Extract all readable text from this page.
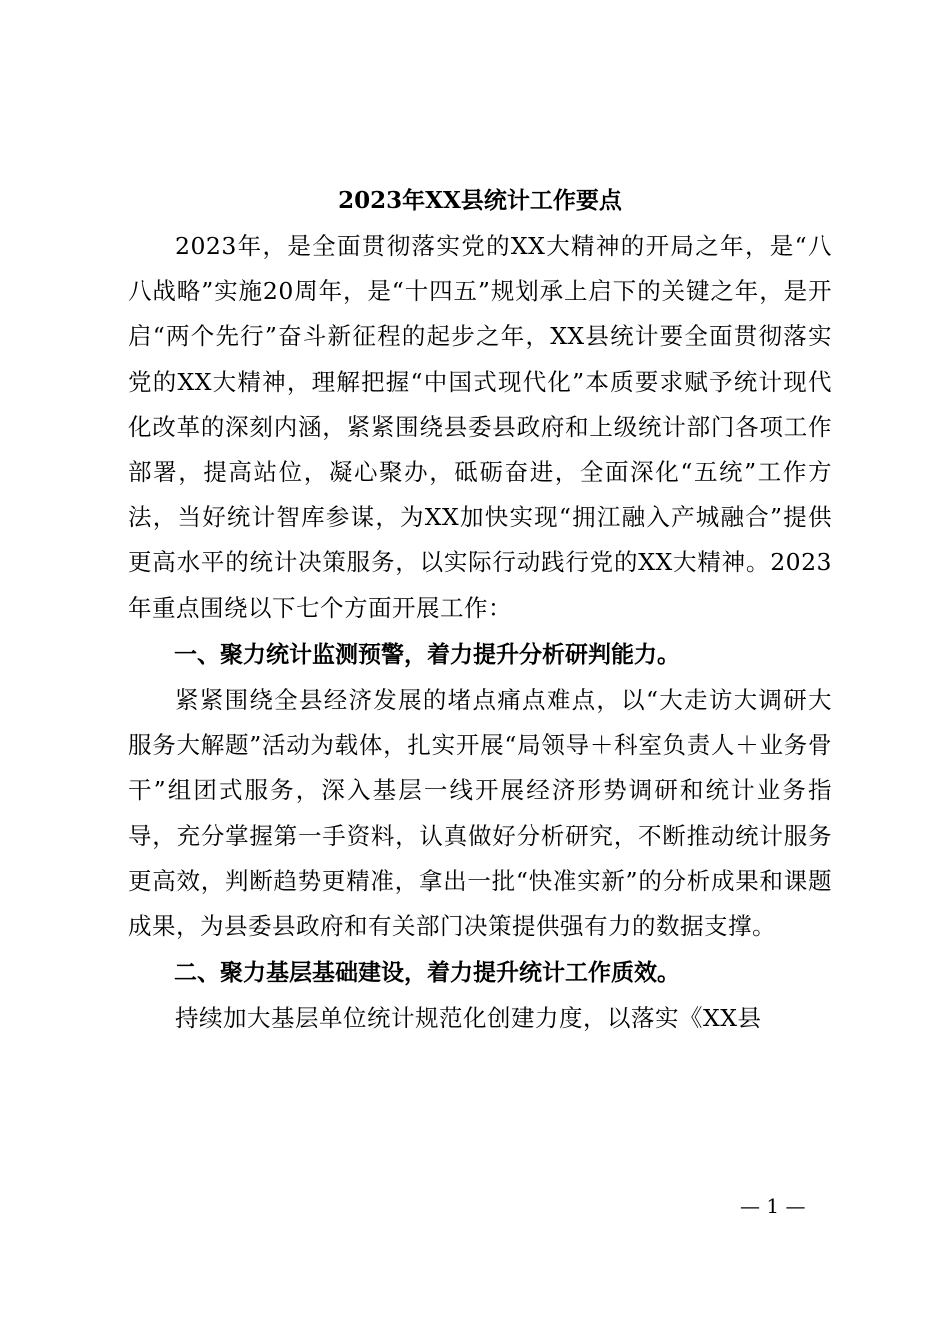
2023年XX县统计工作要点

2023年，是全面贯彻落实党的XX大精神的开局之年，是“八八战略”实施20周年，是“十四五”规划承上启下的关键之年，是开启“两个先行”奋斗新征程的起步之年，XX县统计要全面贯彻落实党的XX大精神，理解把握“中国式现代化”本质要求赋予统计现代化改革的深刻内涵，紧紧围绕县委县政府和上级统计部门各项工作部署，提高站位，凝心聚办，砥砺奋进，全面深化“五统”工作方法，当好统计智库参谋，为XX加快实现“拥江融入产城融合”提供更高水平的统计决策服务，以实际行动践行党的XX大精神。2023年重点围绕以下七个方面开展工作：

一、聚力统计监测预警，着力提升分析研判能力。

紧紧围绕全县经济发展的堵点痛点难点，以“大走访大调研大服务大解题”活动为载体，扎实开展“局领导＋科室负责人＋业务骨干”组团式服务，深入基层一线开展经济形势调研和统计业务指导，充分掌握第一手资料，认真做好分析研究，不断推动统计服务更高效，判断趋势更精准，拿出一批“快准实新”的分析成果和课题成果，为县委县政府和有关部门决策提供强有力的数据支撑。

二、聚力基层基础建设，着力提升统计工作质效。

持续加大基层单位统计规范化创建力度，以落实《XX县

— 1 —
